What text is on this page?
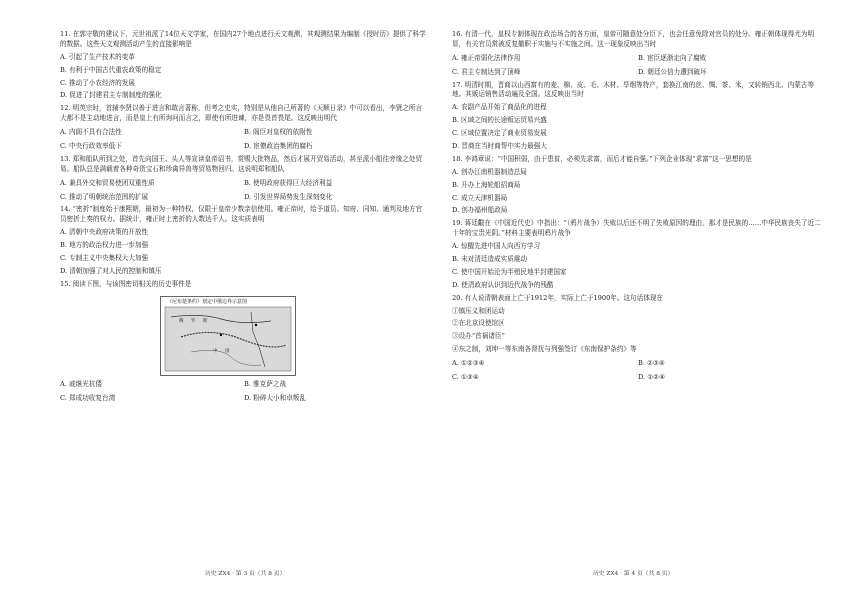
11. 在郭守敬的建议下，元世祖派了14位天文学家，在国内27个地点进行天文观测，其观测结果为编制《授时历》提供了科学的数据。这些天文观测活动产生的直接影响是

A. 引起了生产技术的变革

B. 有利于中国古代重农政策的稳定

C. 推动了小农经济的发展

D. 促进了封建君主专制制度的强化

12. 明英宗时，首辅李贤以善于进言和敢言著称，但考之史实，特别是从他自己所著的《天顺日录》中可以看出，李贤之所言大都不是主动地进言，而是皇上有所询问而言之，即使有所进谏，亦是畏首畏尾。这反映出明代

A. 内阁不具有合法性	B. 阁臣对皇权的依附性
C. 中央行政效率低下	D. 宦僚政治集团的腐朽

13. 郑和船队所到之处，首先向国王、头人等宣读皇帝诏书，赏赐大批物品，然后才展开贸易活动，甚至派小船往旁缘之处贸易。船队总是满载着各种奇货宝石和珍禽异兽等贸易物回归。这说明郑和船队

A. 兼具外交和贸易使团双重性质	B. 使明政府获得巨大经济利益
C. 推动了明朝统治范围的扩展	D. 引发世界局势发生深刻变化

14. “密折”制度始于康熙朝，最初为一种特权，仅限于皇帝少数亲信使用。雍正帝时，给予道员、知府、同知、通判及地方官员密折上奏的权力。据统计，雍正时上密折的人数达千人。这实质表明

A. 清朝中央政府决策的开放性

B. 地方的政治权力进一步加强

C. 专制主义中央集权大大加强

D. 清朝加强了对人民的控制和镇压

15. 阅读下图，与该图密切相关的历史事件是

《尼布楚条约》划定中俄边界示意图
俄 罗 斯
中 国
A. 戚继光抗倭	B. 雅克萨之战
C. 郑成功收复台湾	D. 粉碎大小和卓叛乱
历史 ZX4 · 第 3 页（共 8 页）

16. 有清一代，皇权专制体现在政治场合的各方面，皇帝可随意处分臣下，也会任意免除对官员的处分。雍正朝体现得尤为明显，有关官员常被反复撤职于实施与不实施之间。这一现象反映出当时

A. 雍正帝弱化法律作用	B. 宦臣逐渐走向了腐败
C. 君主专制达到了顶峰	D. 朝廷公信力遭到破坏

17. 明清时期，晋商以山西富有的麦、棉、皮、毛、木材、旱烟等特产，套换江南的丝、绸、茶、米，又转销西北、内蒙古等地。其贩运销售活动遍及全国。这反映出当时

A. 农副产品开始了商品化的进程

B. 区域之间的长途贩运贸易兴盛

C. 区域位置决定了商业贸易发展

D. 晋商在当时商帮中实力最强大

18. 李鸿章说：“中国积弱，由于患贫，必须先求富，而后才能自强。”下列企业体现“求富”这一思想的是

A. 创办江南机器制造总局

B. 开办上海轮船招商局

C. 成立天津机器局

D. 创办福州船政局

19. 蒋廷黻在《中国近代史》中指出：“（鸦片战争）失败以后还不明了失败原因的理由，那才是民族的……中华民族丧失了近二十年的宝贵光阴。”材料主要表明鸦片战争

A. 惊醒先进中国人向西方学习

B. 未对清廷造成实质震动

C. 使中国开始沦为半殖民地半封建国家

D. 使清政府认识到近代战争的残酷

20. 有人说清朝表面上亡于1912年，实际上亡于1900年。这句话体现在

①镇压义和团运动

②在北京设使馆区

③设办“首祸诸臣”

④东之制，刘坤一等东南各督抚与列强签订《东南保护条约》等

A. ①②③④	B. ②③④
C. ①③④	D. ①②④
历史 ZX4 · 第 4 页（共 8 页）
